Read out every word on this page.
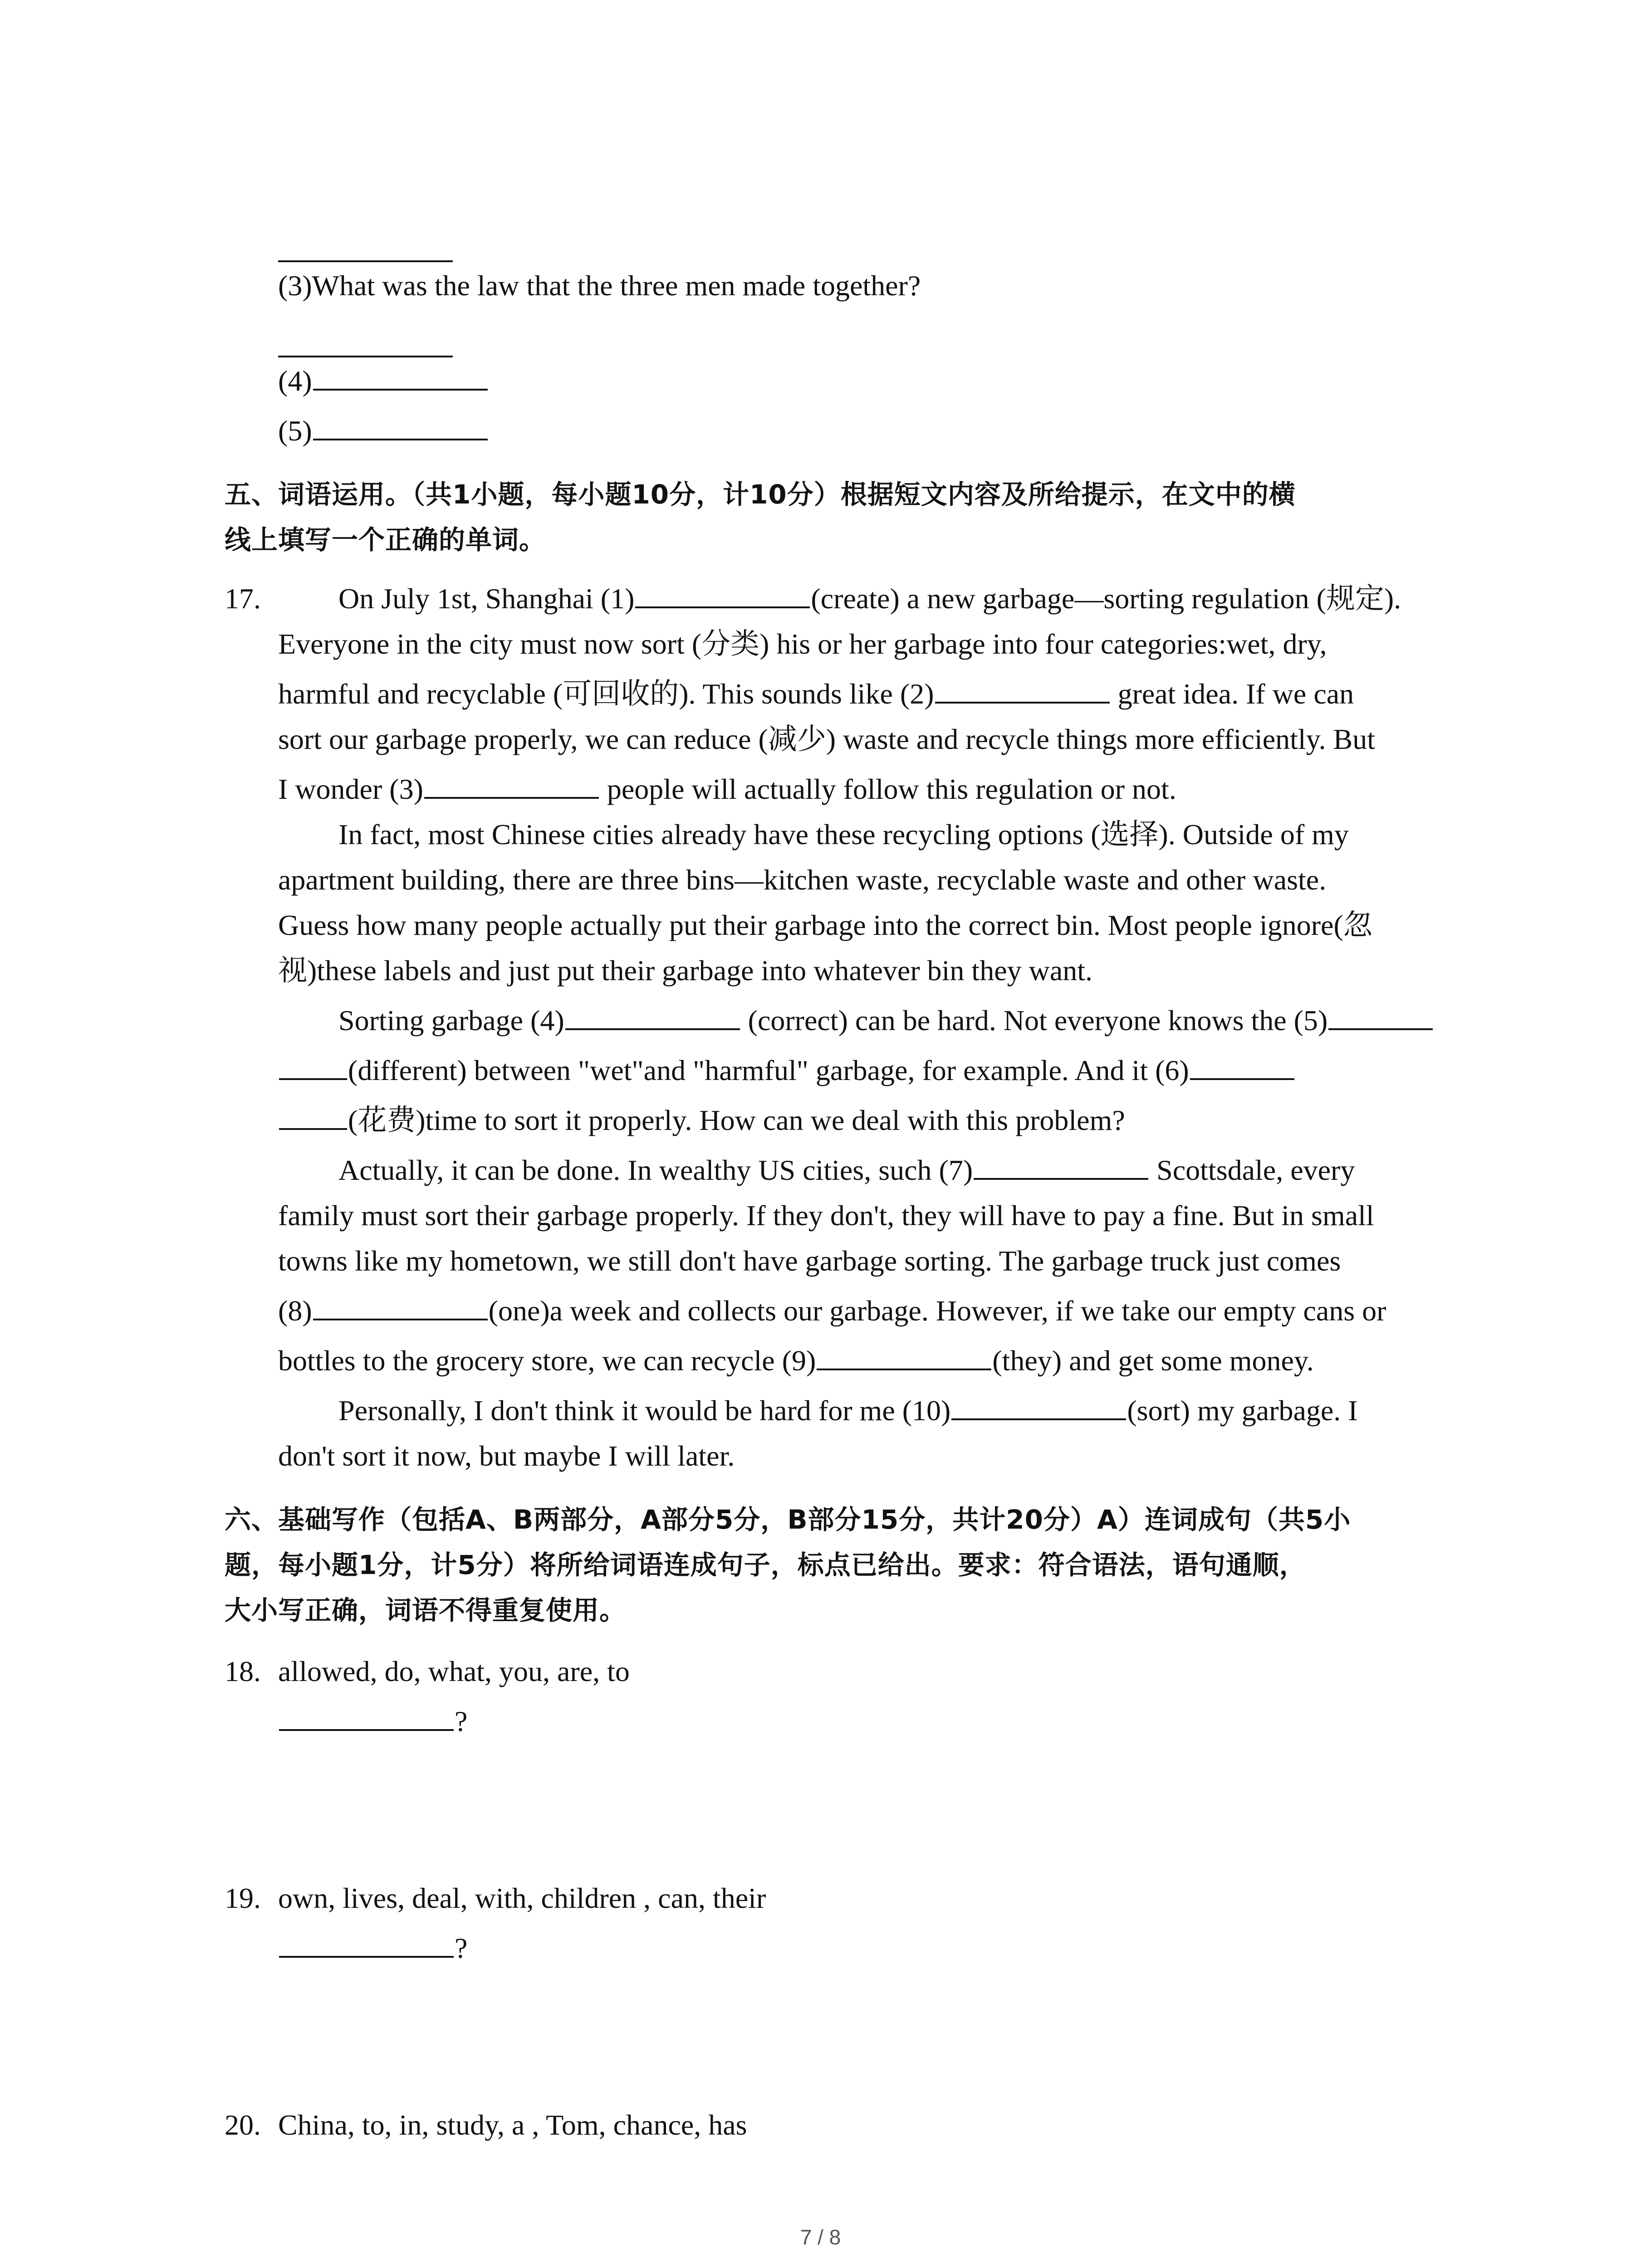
(3)What was the law that the three men made together?
(4)
(5)
五、词语运用。（共1小题，每小题10分，计10分）根据短文内容及所给提示，在文中的横
线上填写一个正确的单词。
17.	On July 1st, Shanghai (1)	(create) a new garbage—sorting regulation (规定).
Everyone in the city must now sort (分类) his or her garbage into four categories:wet, dry,
harmful and recyclable (可回收的). This sounds like (2)	great idea. If we can
sort our garbage properly, we can reduce (减少) waste and recycle things more efficiently. But
I wonder (3)	people will actually follow this regulation or not.
In fact, most Chinese cities already have these recycling options (选择). Outside of my
apartment building, there are three bins—kitchen waste, recyclable waste and other waste.
Guess how many people actually put their garbage into the correct bin. Most people ignore(忽
视)these labels and just put their garbage into whatever bin they want.
Sorting garbage (4)	(correct) can be hard. Not everyone knows the (5)
(different) between "wet"and "harmful" garbage, for example. And it (6)
(花费)time to sort it properly. How can we deal with this problem?
Actually, it can be done. In wealthy US cities, such (7)	Scottsdale, every
family must sort their garbage properly. If they don't, they will have to pay a fine. But in small
towns like my hometown, we still don't have garbage sorting. The garbage truck just comes
(8)	(one)a week and collects our garbage. However, if we take our empty cans or
bottles to the grocery store, we can recycle (9)	(they) and get some money.
Personally, I don't think it would be hard for me (10)	(sort) my garbage. I
don't sort it now, but maybe I will later.
六、基础写作（包括A、B两部分，A部分5分，B部分15分，共计20分）A）连词成句（共5小
题，每小题1分，计5分）将所给词语连成句子，标点已给出。要求：符合语法，语句通顺，
大小写正确，词语不得重复使用。
18. allowed, do, what, you, are, to
?
19. own, lives, deal, with, children , can, their
?
20. China, to, in, study, a , Tom, chance, has
7 / 8
